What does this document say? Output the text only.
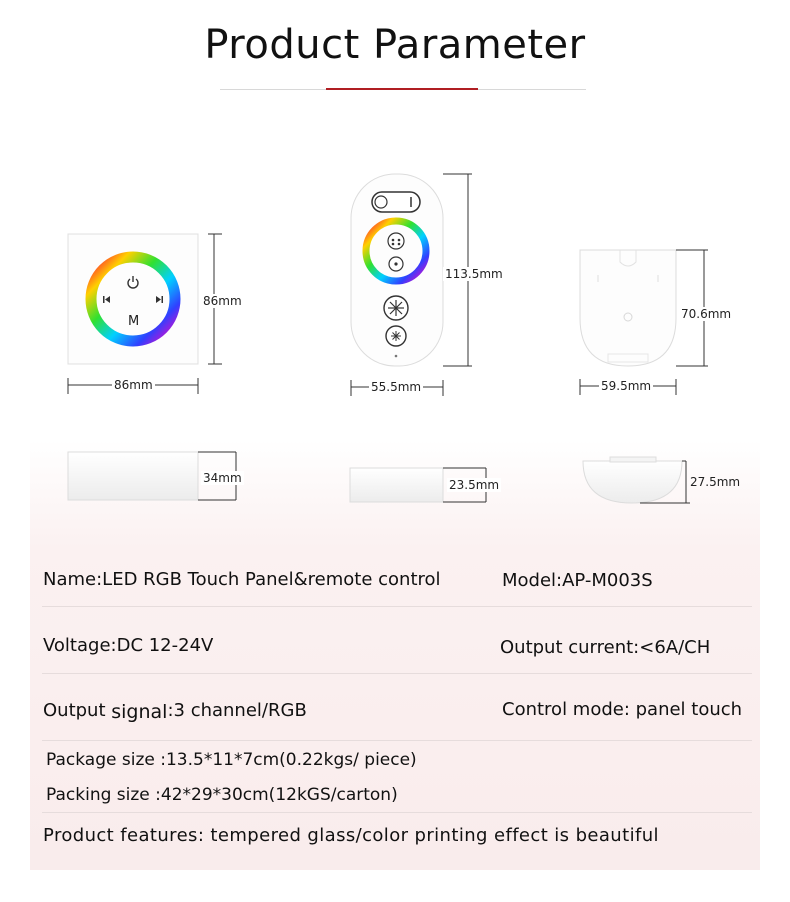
Product Parameter
M
86mm
86mm
34mm
113.5mm
55.5mm
23.5mm
70.6mm
59.5mm
27.5mm
Name:LED RGB Touch Panel&remote control	Model:AP-M003S
Voltage:DC 12-24V	Output current:<6A/CH
Output signal:3 channel/RGB	Control mode: panel touch
Package size :13.5*11*7cm(0.22kgs/ piece)
Packing size :42*29*30cm(12kGS/carton)
Product features: tempered glass/color printing effect is beautiful
